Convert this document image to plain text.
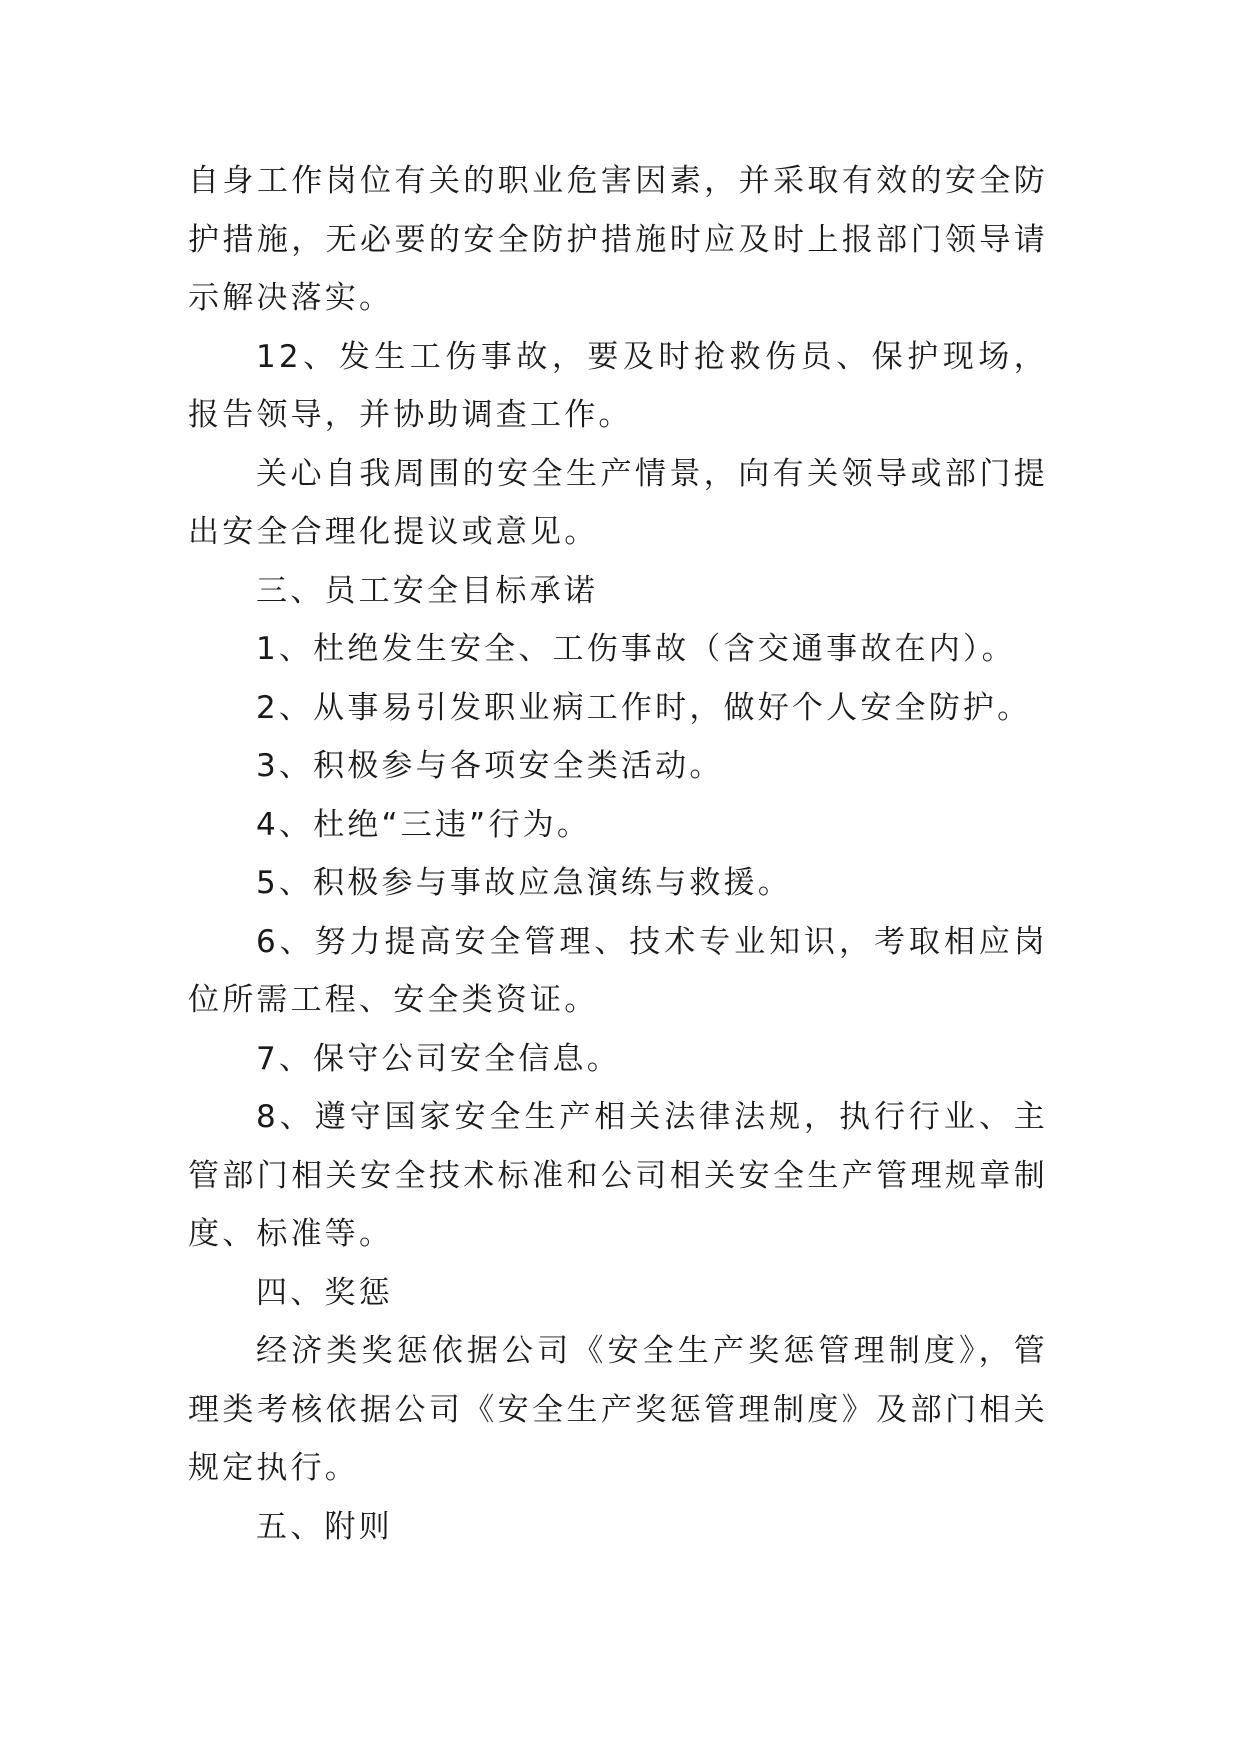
自身工作岗位有关的职业危害因素，并采取有效的安全防护措施，无必要的安全防护措施时应及时上报部门领导请示解决落实。

12、发生工伤事故，要及时抢救伤员、保护现场，报告领导，并协助调查工作。

关心自我周围的安全生产情景，向有关领导或部门提出安全合理化提议或意见。

三、员工安全目标承诺

1、杜绝发生安全、工伤事故（含交通事故在内）。

2、从事易引发职业病工作时，做好个人安全防护。

3、积极参与各项安全类活动。

4、杜绝“三违”行为。

5、积极参与事故应急演练与救援。

6、努力提高安全管理、技术专业知识，考取相应岗位所需工程、安全类资证。

7、保守公司安全信息。

8、遵守国家安全生产相关法律法规，执行行业、主管部门相关安全技术标准和公司相关安全生产管理规章制度、标准等。

四、奖惩

经济类奖惩依据公司《安全生产奖惩管理制度》，管理类考核依据公司《安全生产奖惩管理制度》及部门相关规定执行。

五、附则
